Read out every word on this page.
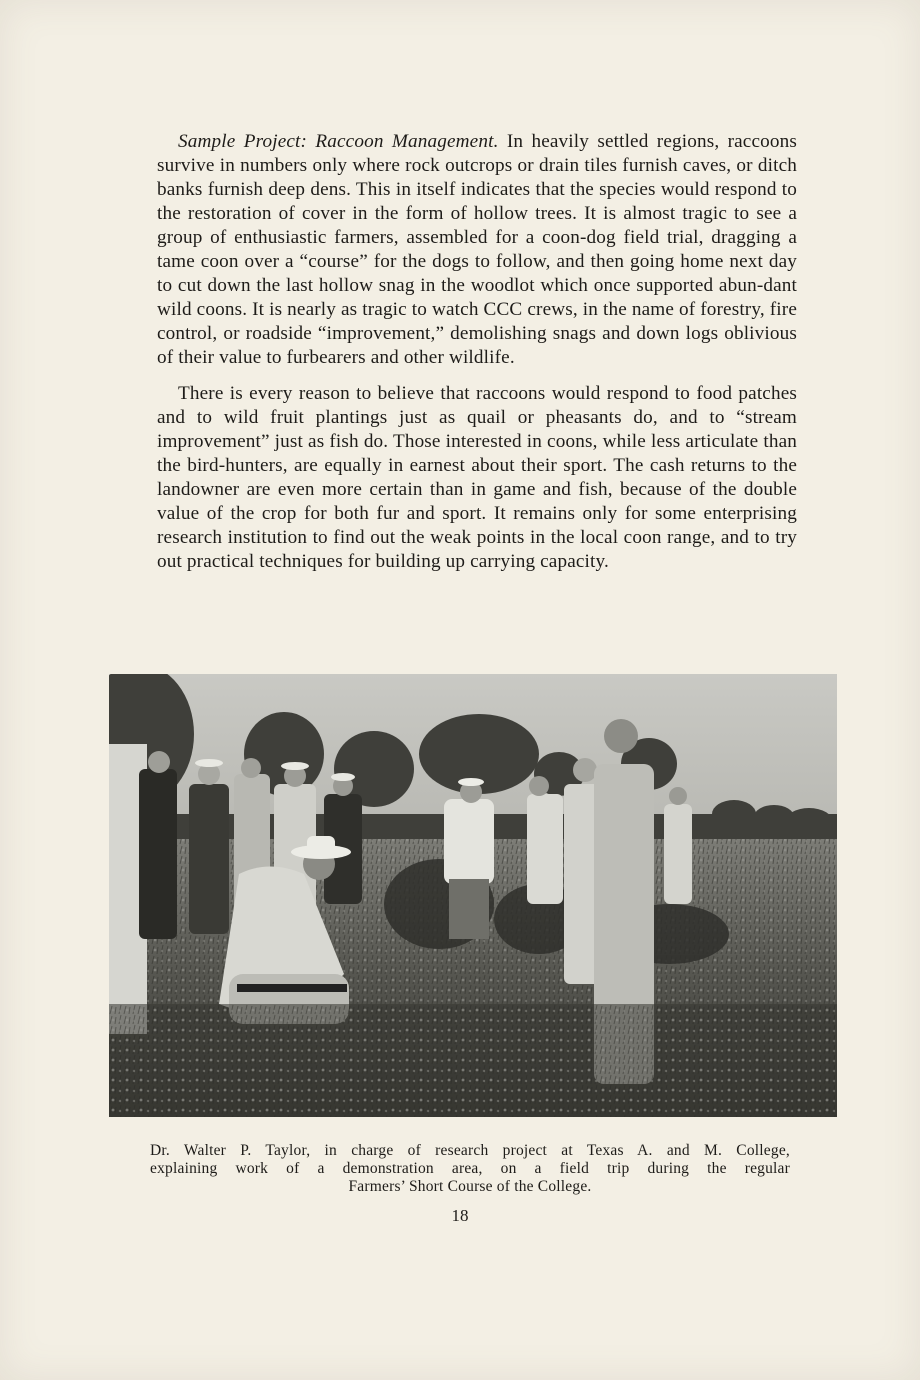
Sample Project: Raccoon Management. In heavily settled regions, raccoons survive in numbers only where rock outcrops or drain tiles furnish caves, or ditch banks furnish deep dens. This in itself indicates that the species would respond to the restoration of cover in the form of hollow trees. It is almost tragic to see a group of enthusiastic farmers, assembled for a coon-dog field trial, dragging a tame coon over a “course” for the dogs to follow, and then going home next day to cut down the last hollow snag in the woodlot which once supported abun-dant wild coons. It is nearly as tragic to watch CCC crews, in the name of forestry, fire control, or roadside “improvement,” demolishing snags and down logs oblivious of their value to furbearers and other wildlife.

There is every reason to believe that raccoons would respond to food patches and to wild fruit plantings just as quail or pheasants do, and to “stream improvement” just as fish do. Those interested in coons, while less articulate than the bird-hunters, are equally in earnest about their sport. The cash returns to the landowner are even more certain than in game and fish, because of the double value of the crop for both fur and sport. It remains only for some enterprising research institution to find out the weak points in the local coon range, and to try out practical techniques for building up carrying capacity.

Dr. Walter P. Taylor, in charge of research project at Texas A. and M. College,
explaining work of a demonstration area, on a field trip during the regular
Farmers’ Short Course of the College.
18
